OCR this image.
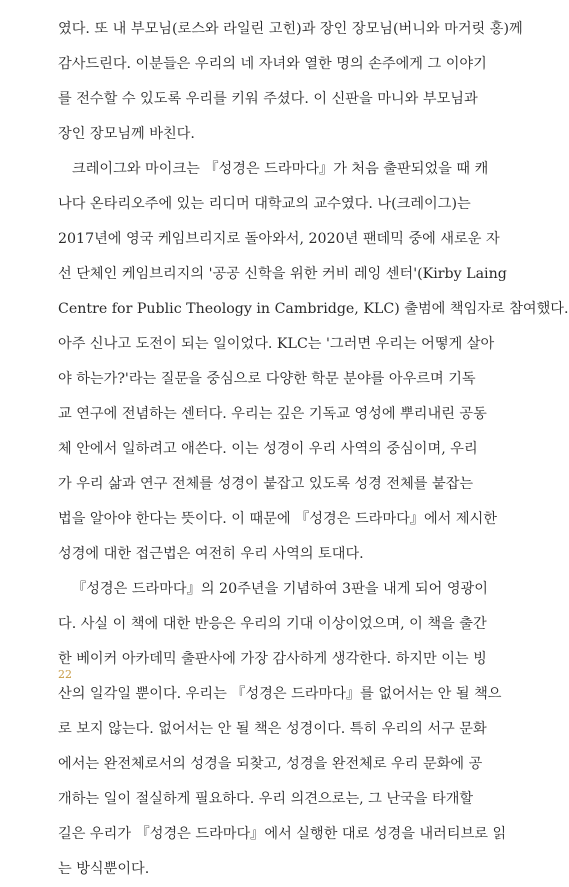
였다. 또 내 부모님(로스와 라일린 고힌)과 장인 장모님(버니와 마거릿 홍)께
감사드린다. 이분들은 우리의 네 자녀와 열한 명의 손주에게 그 이야기
를 전수할 수 있도록 우리를 키워 주셨다. 이 신판을 마니와 부모님과
장인 장모님께 바친다.
크레이그와 마이크는 『성경은 드라마다』가 처음 출판되었을 때 캐
나다 온타리오주에 있는 리디머 대학교의 교수였다. 나(크레이그)는
2017년에 영국 케임브리지로 돌아와서, 2020년 팬데믹 중에 새로운 자
선 단체인 케임브리지의 '공공 신학을 위한 커비 레잉 센터'(Kirby Laing
Centre for Public Theology in Cambridge, KLC) 출범에 책임자로 참여했다.
아주 신나고 도전이 되는 일이었다. KLC는 '그러면 우리는 어떻게 살아
야 하는가?'라는 질문을 중심으로 다양한 학문 분야를 아우르며 기독
교 연구에 전념하는 센터다. 우리는 깊은 기독교 영성에 뿌리내린 공동
체 안에서 일하려고 애쓴다. 이는 성경이 우리 사역의 중심이며, 우리
가 우리 삶과 연구 전체를 성경이 붙잡고 있도록 성경 전체를 붙잡는
법을 알아야 한다는 뜻이다. 이 때문에 『성경은 드라마다』에서 제시한
성경에 대한 접근법은 여전히 우리 사역의 토대다.
『성경은 드라마다』의 20주년을 기념하여 3판을 내게 되어 영광이
다. 사실 이 책에 대한 반응은 우리의 기대 이상이었으며, 이 책을 출간
한 베이커 아카데믹 출판사에 가장 감사하게 생각한다. 하지만 이는 빙
산의 일각일 뿐이다. 우리는 『성경은 드라마다』를 없어서는 안 될 책으
로 보지 않는다. 없어서는 안 될 책은 성경이다. 특히 우리의 서구 문화
에서는 완전체로서의 성경을 되찾고, 성경을 완전체로 우리 문화에 공
개하는 일이 절실하게 필요하다. 우리 의견으로는, 그 난국을 타개할
길은 우리가 『성경은 드라마다』에서 실행한 대로 성경을 내러티브로 읽
는 방식뿐이다.
22
